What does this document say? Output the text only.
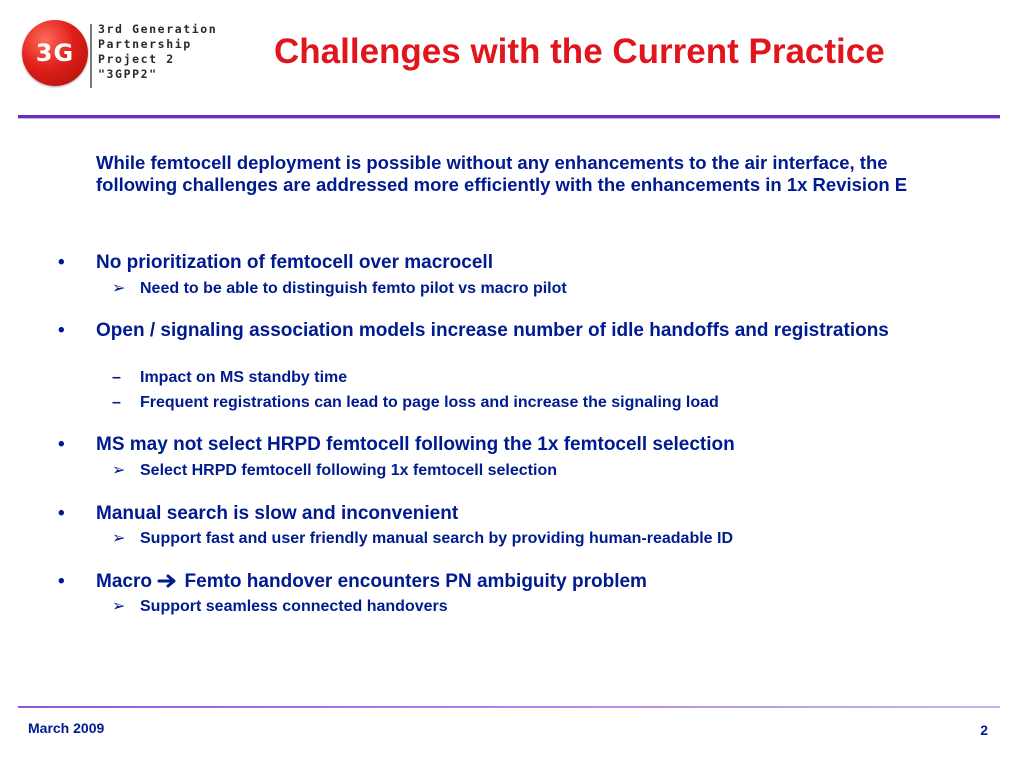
3G
3rd Generation
Partnership
Project 2
"3GPP2"
Challenges with the Current Practice
While femtocell deployment is possible without any enhancements to the air interface, the following challenges are addressed more efficiently with the enhancements in 1x Revision E
•	No prioritization of femtocell over macrocell
➢ Need to be able to distinguish femto pilot vs macro pilot
•	Open / signaling association models increase number of idle handoffs and registrations
–	Impact on MS standby time
–	Frequent registrations can lead to page loss and increase the signaling load
•	MS may not select HRPD femtocell following the 1x femtocell selection
➢ Select HRPD femtocell following 1x femtocell selection
•	Manual search is slow and inconvenient
➢ Support fast and user friendly manual search by providing human-readable ID
•	Macro Femto handover encounters PN ambiguity problem
➢ Support seamless connected handovers
March 2009	2
